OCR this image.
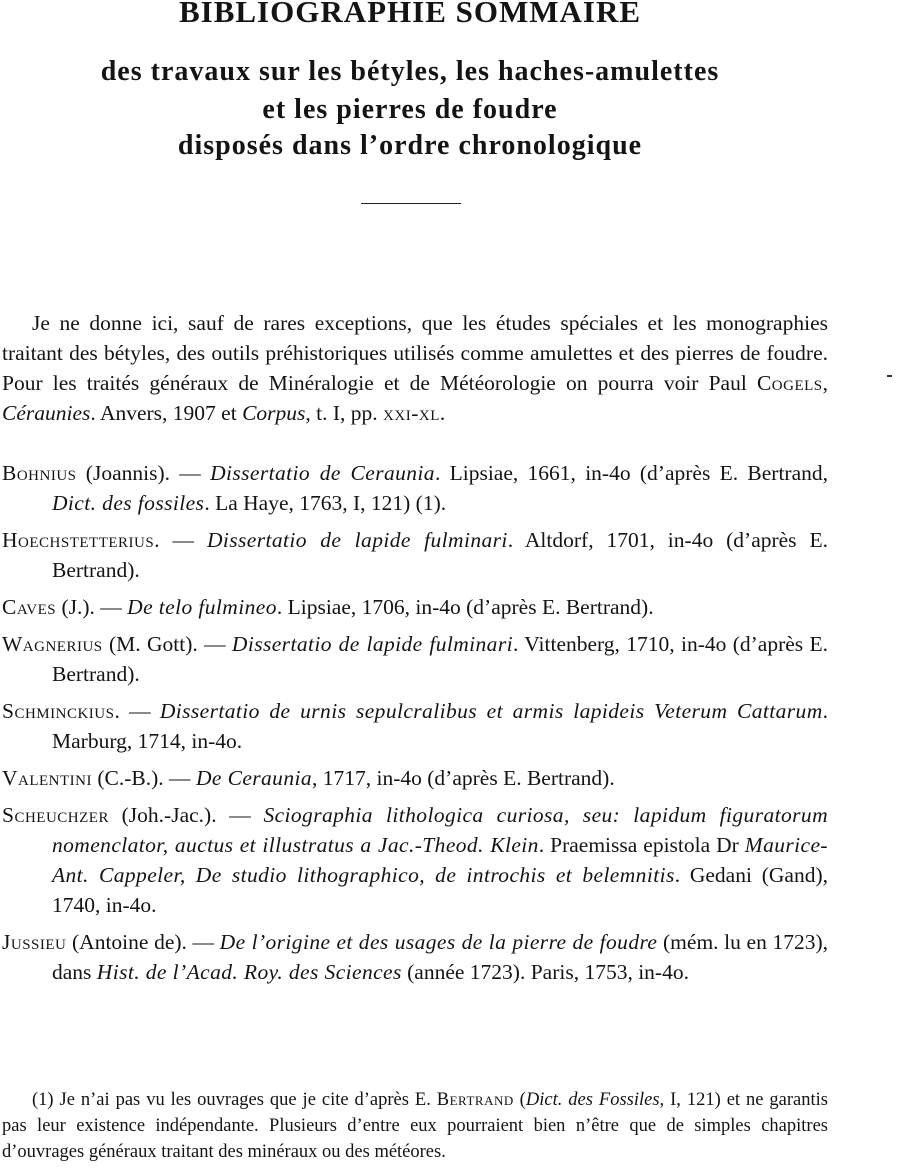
BIBLIOGRAPHIE SOMMAIRE
des travaux sur les bétyles, les haches-amulettes
et les pierres de foudre
disposés dans l’ordre chronologique

Je ne donne ici, sauf de rares exceptions, que les études spéciales et les monographies traitant des bétyles, des outils préhistoriques utilisés comme amulettes et des pierres de foudre. Pour les traités généraux de Minéralogie et de Météorologie on pourra voir Paul Cogels, Céraunies. Anvers, 1907 et Corpus, t. I, pp. xxi-xl.

Bohnius (Joannis). — Dissertatio de Ceraunia. Lipsiae, 1661, in-4o (d’après E. Bertrand, Dict. des fossiles. La Haye, 1763, I, 121) (1).
Hoechstetterius. — Dissertatio de lapide fulminari. Altdorf, 1701, in-4o (d’après E. Bertrand).
Caves (J.). — De telo fulmineo. Lipsiae, 1706, in-4o (d’après E. Bertrand).
Wagnerius (M. Gott). — Dissertatio de lapide fulminari. Vittenberg, 1710, in-4o (d’après E. Bertrand).
Schminckius. — Dissertatio de urnis sepulcralibus et armis lapideis Veterum Cattarum. Marburg, 1714, in-4o.
Valentini (C.-B.). — De Ceraunia, 1717, in-4o (d’après E. Bertrand).
Scheuchzer (Joh.-Jac.). — Sciographia lithologica curiosa, seu: lapidum figuratorum nomenclator, auctus et illustratus a Jac.-Theod. Klein. Praemissa epistola Dr Maurice-Ant. Cappeler, De studio lithographico, de introchis et belemnitis. Gedani (Gand), 1740, in-4o.
Jussieu (Antoine de). — De l’origine et des usages de la pierre de foudre (mém. lu en 1723), dans Hist. de l’Acad. Roy. des Sciences (année 1723). Paris, 1753, in-4o.

(1) Je n’ai pas vu les ouvrages que je cite d’après E. Bertrand (Dict. des Fossiles, I, 121) et ne garantis pas leur existence indépendante. Plusieurs d’entre eux pourraient bien n’être que de simples chapitres d’ouvrages généraux traitant des minéraux ou des météores.
